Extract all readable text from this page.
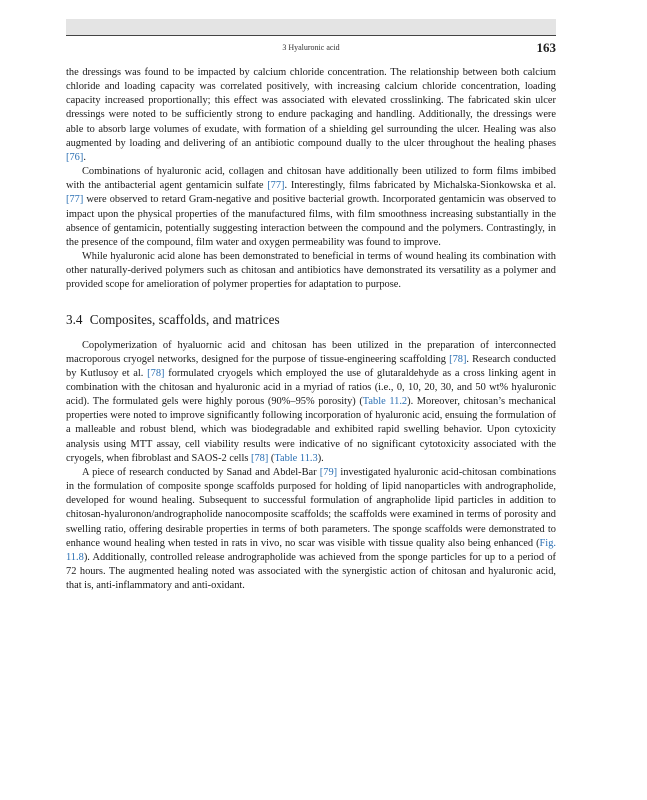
3 Hyaluronic acid	163

the dressings was found to be impacted by calcium chloride concentration. The relationship between both calcium chloride and loading capacity was correlated positively, with increasing calcium chloride concentration, loading capacity increased proportionally; this effect was associated with elevated crosslinking. The fabricated skin ulcer dressings were noted to be sufficiently strong to endure packaging and handling. Additionally, the dressings were able to absorb large volumes of exudate, with formation of a shielding gel surrounding the ulcer. Healing was also augmented by loading and delivering of an antibiotic compound dually to the ulcer throughout the healing phases [76].

Combinations of hyaluronic acid, collagen and chitosan have additionally been utilized to form films imbibed with the antibacterial agent gentamicin sulfate [77]. Interestingly, films fabricated by Michalska-Sionkowska et al. [77] were observed to retard Gram-negative and positive bacterial growth. Incorporated gentamicin was observed to impact upon the physical properties of the manufactured films, with film smoothness increasing substantially in the absence of gentamicin, potentially suggesting interaction between the compound and the polymers. Contrastingly, in the presence of the compound, film water and oxygen permeability was found to improve.

While hyaluronic acid alone has been demonstrated to beneficial in terms of wound healing its combination with other naturally-derived polymers such as chitosan and antibiotics have demonstrated its versatility as a polymer and provided scope for amelioration of polymer properties for adaptation to purpose.

3.4 Composites, scaffolds, and matrices

Copolymerization of hyaluornic acid and chitosan has been utilized in the preparation of interconnected macroporous cryogel networks, designed for the purpose of tissue-engineering scaffolding [78]. Research conducted by Kutlusoy et al. [78] formulated cryogels which employed the use of glutaraldehyde as a cross linking agent in combination with the chitosan and hyaluronic acid in a myriad of ratios (i.e., 0, 10, 20, 30, and 50 wt% hyaluronic acid). The formulated gels were highly porous (90%–95% porosity) (Table 11.2). Moreover, chitosan’s mechanical properties were noted to improve significantly following incorporation of hyaluronic acid, ensuing the formulation of a malleable and robust blend, which was biodegradable and exhibited rapid swelling behavior. Upon cytoxicity analysis using MTT assay, cell viability results were indicative of no significant cytotoxicity associated with the cryogels, when fibroblast and SAOS-2 cells [78] (Table 11.3).

A piece of research conducted by Sanad and Abdel-Bar [79] investigated hyaluronic acid-chitosan combinations in the formulation of composite sponge scaffolds purposed for holding of lipid nanoparticles with andrographolide, developed for wound healing. Subsequent to successful formulation of angrapholide lipid particles in addition to chitosan-hyaluronon/andrographolide nanocomposite scaffolds; the scaffolds were examined in terms of porosity and swelling ratio, offering desirable properties in terms of both parameters. The sponge scaffolds were demonstrated to enhance wound healing when tested in rats in vivo, no scar was visible with tissue quality also being enhanced (Fig. 11.8). Additionally, controlled release andrographolide was achieved from the sponge particles for up to a period of 72 hours. The augmented healing noted was associated with the synergistic action of chitosan and hyaluronic acid, that is, anti-inflammatory and anti-oxidant.
